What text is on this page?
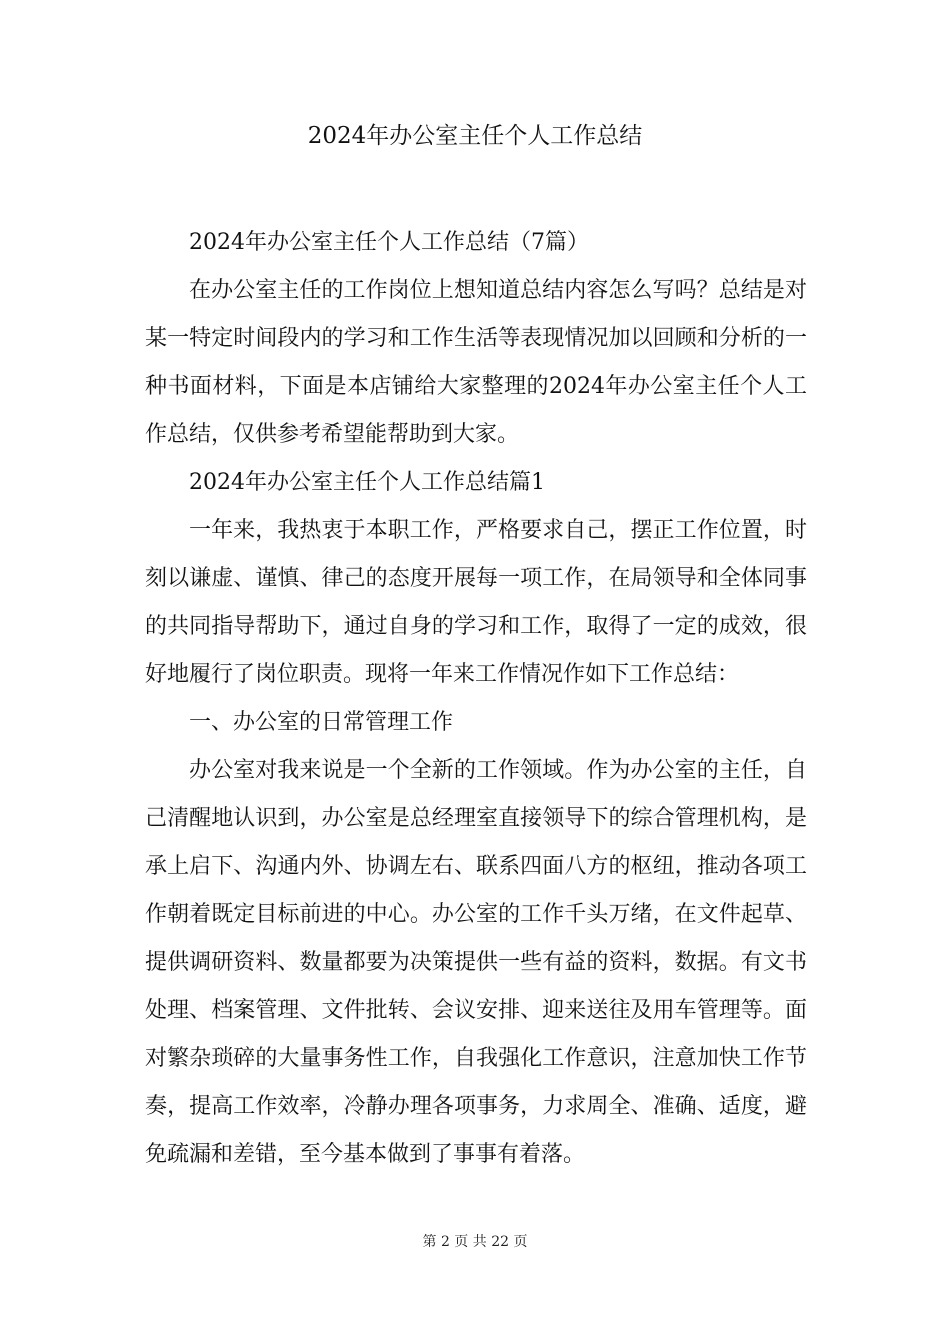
2024年办公室主任个人工作总结

2024年办公室主任个人工作总结（7篇）

在办公室主任的工作岗位上想知道总结内容怎么写吗？总结是对某一特定时间段内的学习和工作生活等表现情况加以回顾和分析的一种书面材料，下面是本店铺给大家整理的2024年办公室主任个人工作总结，仅供参考希望能帮助到大家。

2024年办公室主任个人工作总结篇1

一年来，我热衷于本职工作，严格要求自己，摆正工作位置，时刻以谦虚、谨慎、律己的态度开展每一项工作，在局领导和全体同事的共同指导帮助下，通过自身的学习和工作，取得了一定的成效，很好地履行了岗位职责。现将一年来工作情况作如下工作总结：

一、办公室的日常管理工作

办公室对我来说是一个全新的工作领域。作为办公室的主任，自己清醒地认识到，办公室是总经理室直接领导下的综合管理机构，是承上启下、沟通内外、协调左右、联系四面八方的枢纽，推动各项工作朝着既定目标前进的中心。办公室的工作千头万绪，在文件起草、提供调研资料、数量都要为决策提供一些有益的资料，数据。有文书处理、档案管理、文件批转、会议安排、迎来送往及用车管理等。面对繁杂琐碎的大量事务性工作，自我强化工作意识，注意加快工作节奏，提高工作效率，冷静办理各项事务，力求周全、准确、适度，避免疏漏和差错，至今基本做到了事事有着落。

第 2 页 共 22 页
